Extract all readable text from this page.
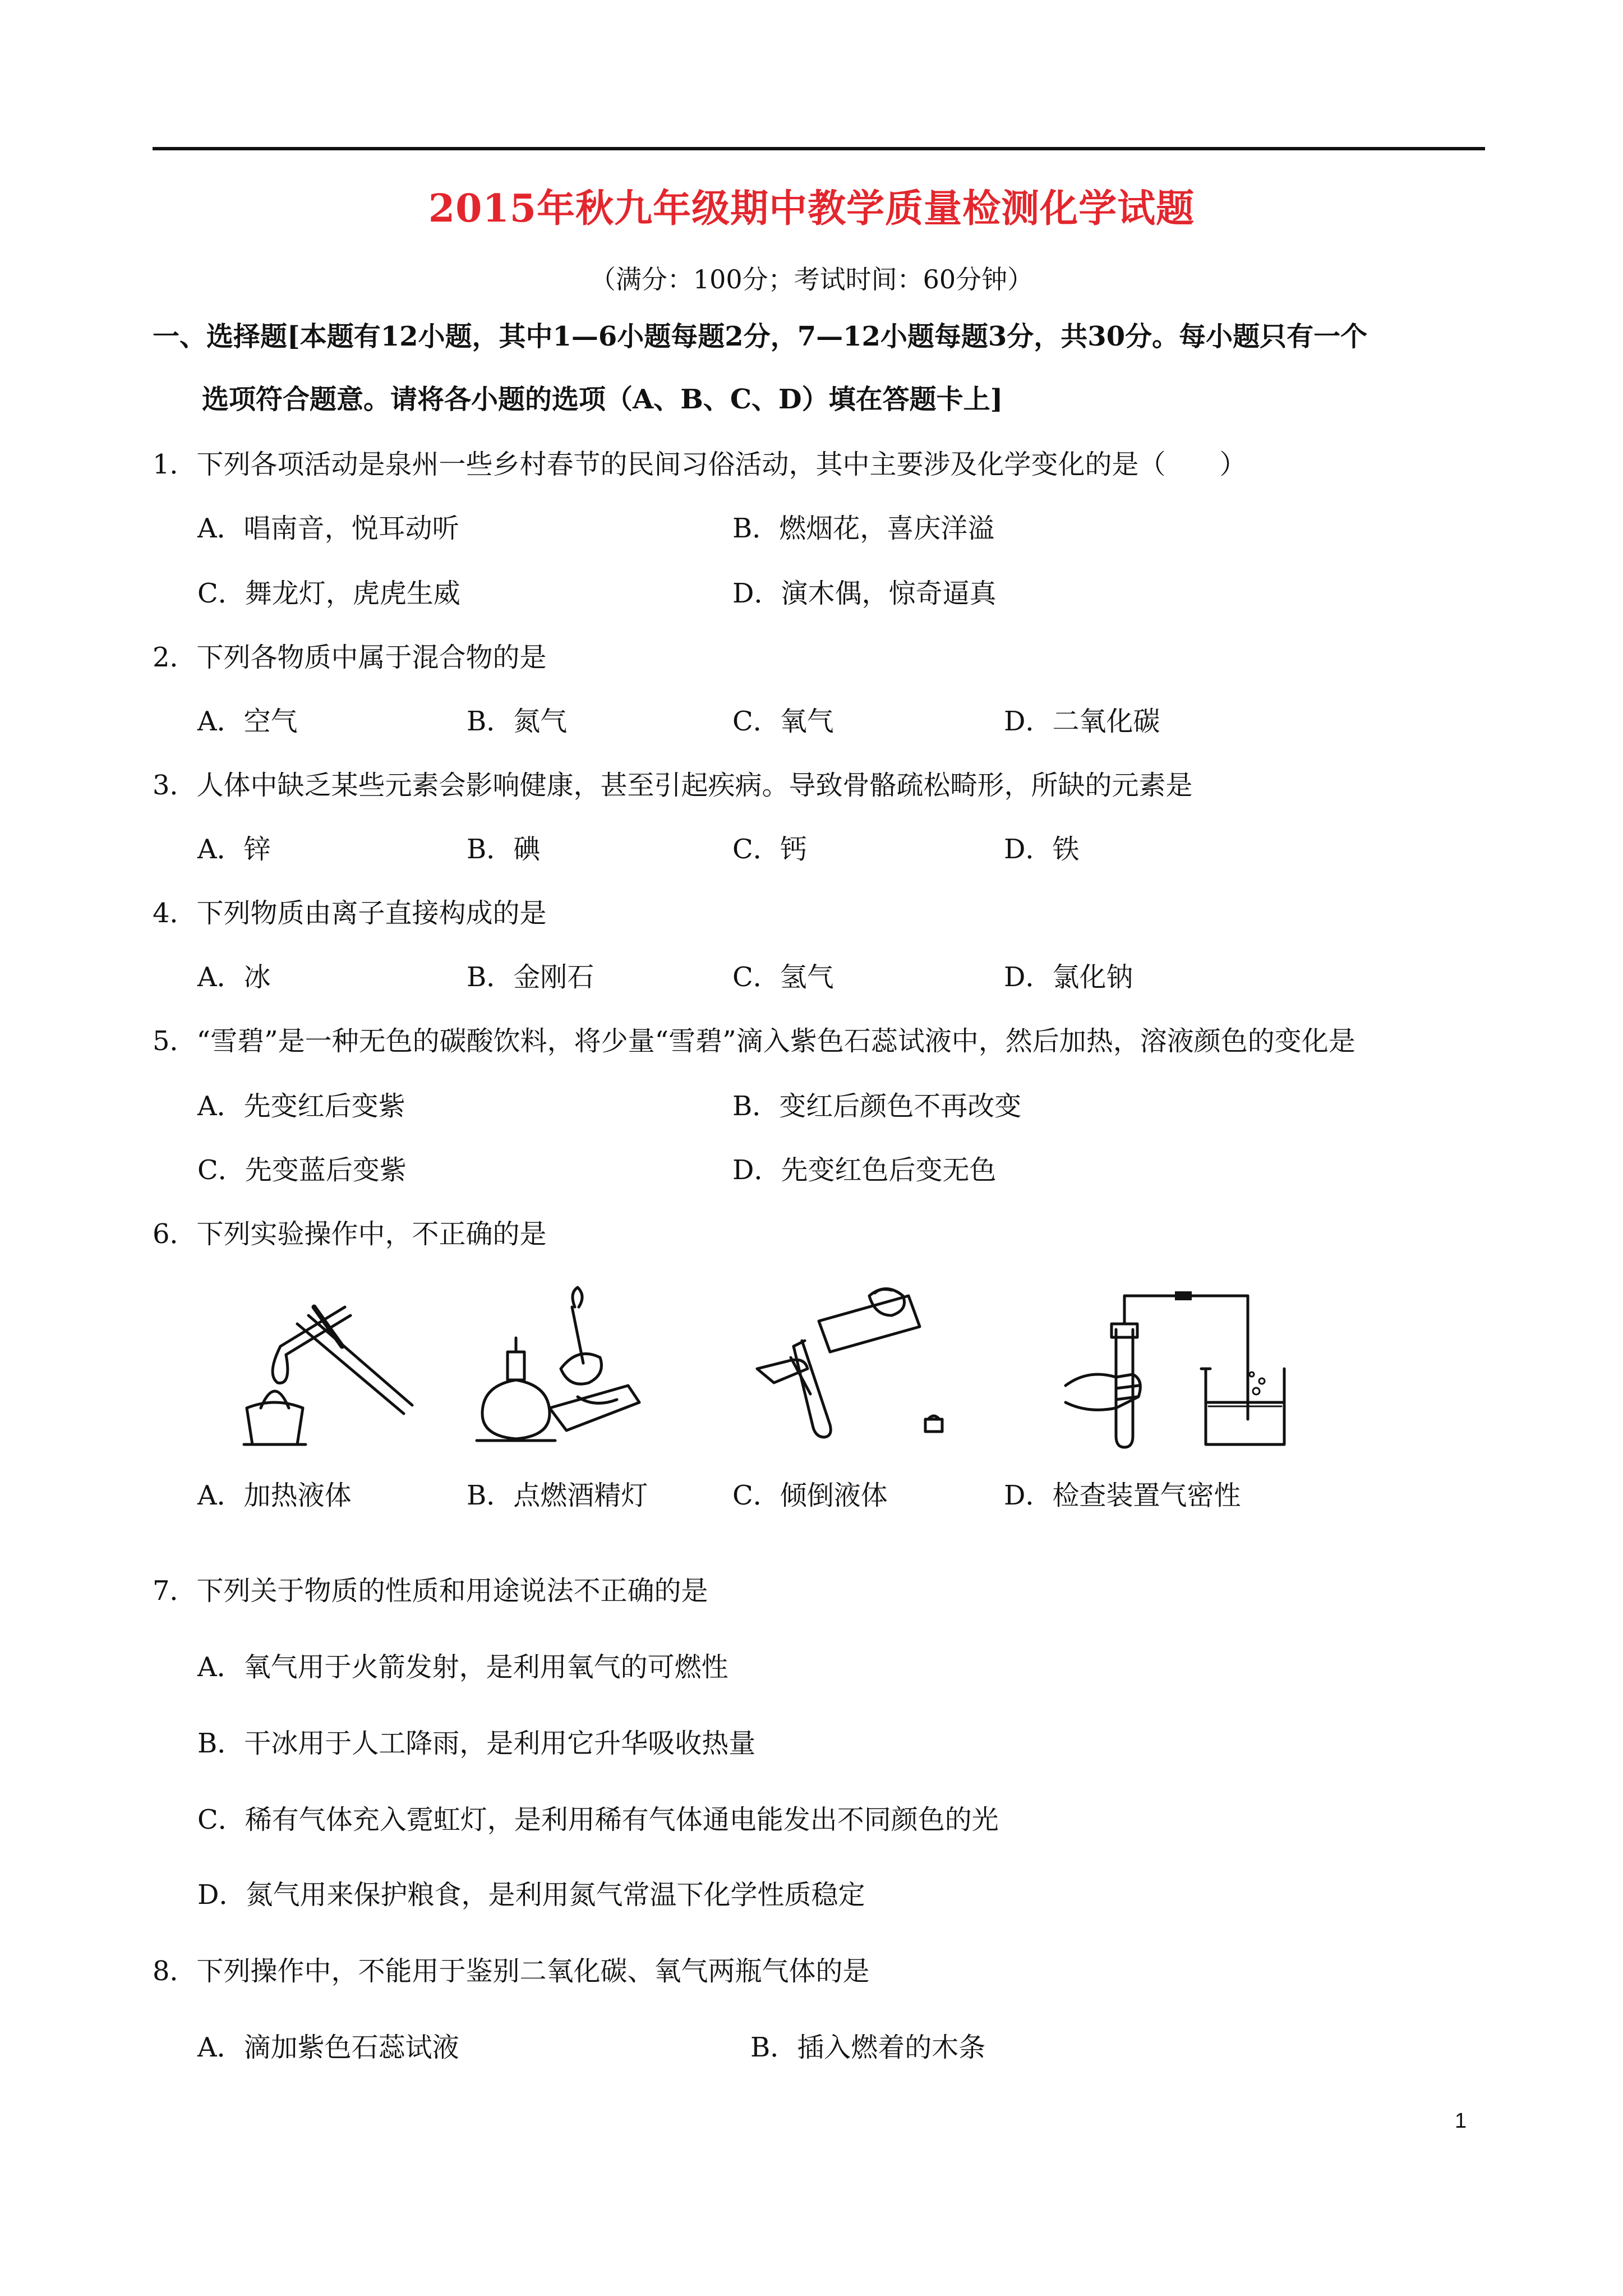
2015年秋九年级期中教学质量检测化学试题
（满分：100分；考试时间：60分钟）
一、选择题[本题有12小题，其中1—6小题每题2分，7—12小题每题3分，共30分。每小题只有一个
选项符合题意。请将各小题的选项（A、B、C、D）填在答题卡上]
1．下列各项活动是泉州一些乡村春节的民间习俗活动，其中主要涉及化学变化的是（　　）
A．唱南音，悦耳动听	B．燃烟花，喜庆洋溢
C．舞龙灯，虎虎生威	D．演木偶，惊奇逼真
2．下列各物质中属于混合物的是
A．空气	B．氮气	C．氧气	D．二氧化碳
3．人体中缺乏某些元素会影响健康，甚至引起疾病。导致骨骼疏松畸形，所缺的元素是
A．锌	B．碘	C．钙	D．铁
4．下列物质由离子直接构成的是
A．冰	B．金刚石	C．氢气	D．氯化钠
5．“雪碧”是一种无色的碳酸饮料，将少量“雪碧”滴入紫色石蕊试液中，然后加热，溶液颜色的变化是
A．先变红后变紫	B．变红后颜色不再改变
C．先变蓝后变紫	D．先变红色后变无色
6．下列实验操作中，不正确的是
A．加热液体	B．点燃酒精灯	C．倾倒液体	D．检查装置气密性
7．下列关于物质的性质和用途说法不正确的是
A．氧气用于火箭发射，是利用氧气的可燃性
B．干冰用于人工降雨，是利用它升华吸收热量
C．稀有气体充入霓虹灯，是利用稀有气体通电能发出不同颜色的光
D．氮气用来保护粮食，是利用氮气常温下化学性质稳定
8．下列操作中，不能用于鉴别二氧化碳、氧气两瓶气体的是
A．滴加紫色石蕊试液	B．插入燃着的木条
1
